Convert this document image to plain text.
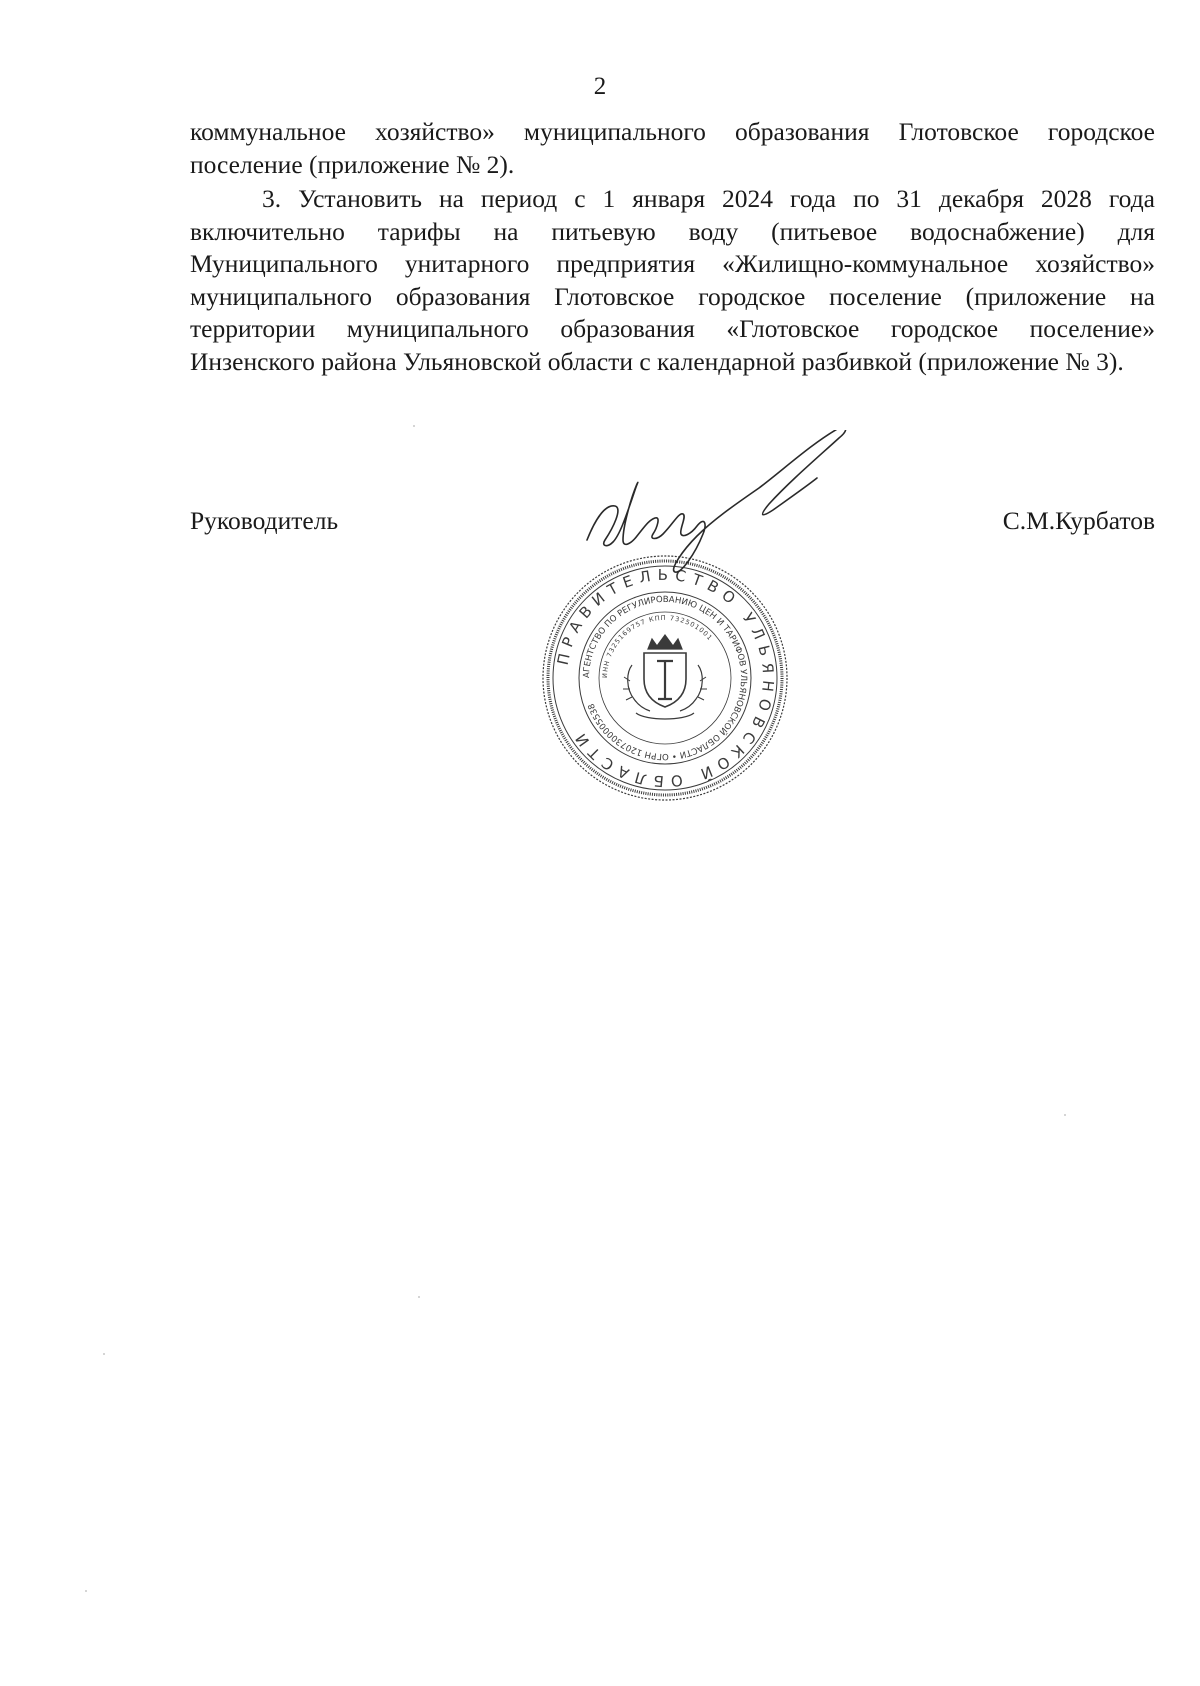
2

коммунальное хозяйство» муниципального образования Глотовское городское поселение (приложение № 2).

3. Установить на период с 1 января 2024 года по 31 декабря 2028 года включительно тарифы на питьевую воду (питьевое водоснабжение) для Муниципального унитарного предприятия «Жилищно-коммунальное хозяйство» муниципального образования Глотовское городское поселение (приложение на территории муниципального образования «Глотовское городское поселение» Инзенского района Ульяновской области с календарной разбивкой (приложение № 3).

Руководитель	С.М.Курбатов
ПРАВИТЕЛЬСТВО УЛЬЯНОВСКОЙ ОБЛАСТИ
АГЕНТСТВО ПО РЕГУЛИРОВАНИЮ ЦЕН И ТАРИФОВ УЛЬЯНОВСКОЙ ОБЛАСТИ • ОГРН 1207300005538
ИНН 7325169757 КПП 732501001
